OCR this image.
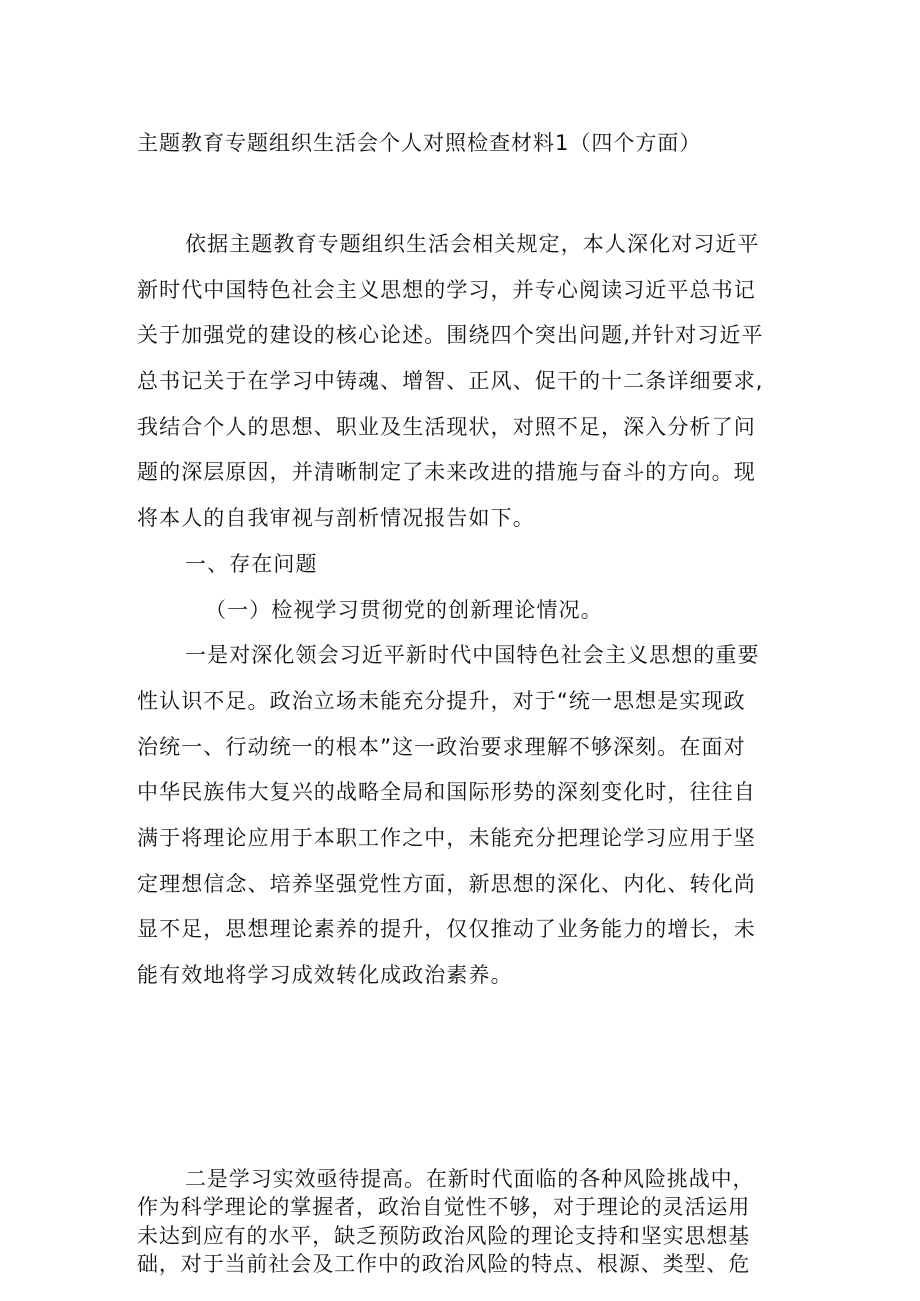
主题教育专题组织生活会个人对照检查材料1（四个方面）
依据主题教育专题组织生活会相关规定，本人深化对习近平
新时代中国特色社会主义思想的学习，并专心阅读习近平总书记
关于加强党的建设的核心论述。围绕四个突出问题,并针对习近平
总书记关于在学习中铸魂、增智、正风、促干的十二条详细要求,
我结合个人的思想、职业及生活现状，对照不足，深入分析了问
题的深层原因，并清晰制定了未来改进的措施与奋斗的方向。现
将本人的自我审视与剖析情况报告如下。
一、存在问题
（一）检视学习贯彻党的创新理论情况。
一是对深化领会习近平新时代中国特色社会主义思想的重要
性认识不足。政治立场未能充分提升，对于“统一思想是实现政
治统一、行动统一的根本”这一政治要求理解不够深刻。在面对
中华民族伟大复兴的战略全局和国际形势的深刻变化时，往往自
满于将理论应用于本职工作之中，未能充分把理论学习应用于坚
定理想信念、培养坚强党性方面，新思想的深化、内化、转化尚
显不足，思想理论素养的提升，仅仅推动了业务能力的增长，未
能有效地将学习成效转化成政治素养。
二是学习实效亟待提高。在新时代面临的各种风险挑战中，
作为科学理论的掌握者，政治自觉性不够，对于理论的灵活运用
未达到应有的水平，缺乏预防政治风险的理论支持和坚实思想基
础，对于当前社会及工作中的政治风险的特点、根源、类型、危
